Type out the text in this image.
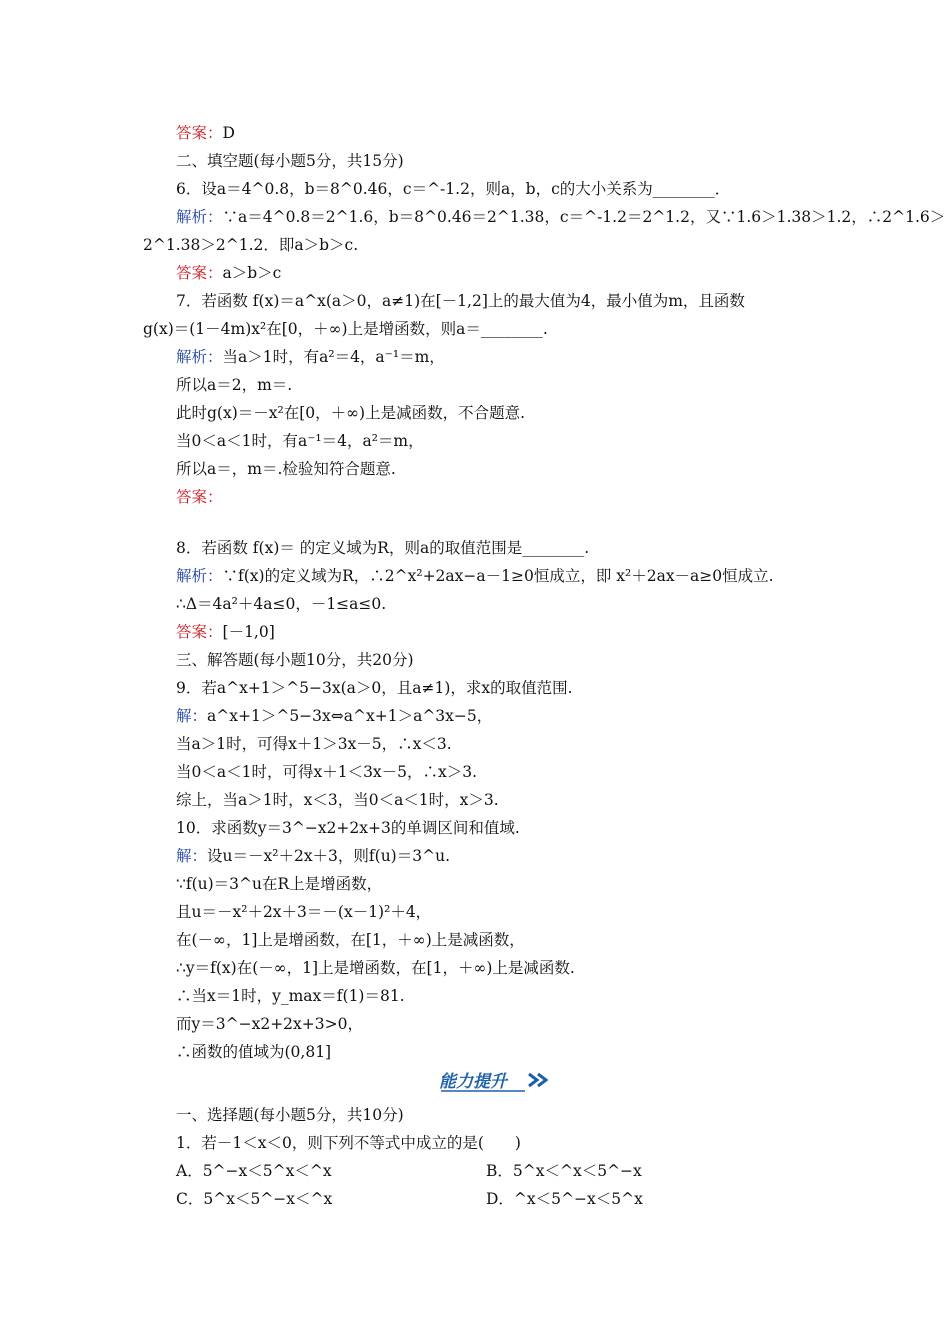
答案：D
二、填空题(每小题5分，共15分)
6．设a＝4^0.8，b＝8^0.46，c＝^-1.2，则a，b，c的大小关系为________．
解析：∵a＝4^0.8＝2^1.6，b＝8^0.46＝2^1.38，c＝^-1.2＝2^1.2，又∵1.6＞1.38＞1.2，∴2^1.6＞
2^1.38＞2^1.2．即a＞b＞c.
答案：a＞b＞c
7．若函数 f(x)＝a^x(a＞0，a≠1)在[－1,2]上的最大值为4，最小值为m，且函数
g(x)＝(1－4m)x²在[0，＋∞)上是增函数，则a＝________.
解析：当a＞1时，有a²＝4，a⁻¹＝m，
所以a＝2，m＝.
此时g(x)＝－x²在[0，＋∞)上是减函数，不合题意.
当0＜a＜1时，有a⁻¹＝4，a²＝m，
所以a＝，m＝.检验知符合题意.
答案：
8．若函数 f(x)＝ 的定义域为R，则a的取值范围是________.
解析：∵f(x)的定义域为R，∴2^x²+2ax−a－1≥0恒成立，即 x²＋2ax－a≥0恒成立.
∴Δ＝4a²＋4a≤0，－1≤a≤0.
答案：[－1,0]
三、解答题(每小题10分，共20分)
9．若a^x+1＞^5−3x(a＞0，且a≠1)，求x的取值范围.
解：a^x+1＞^5−3x⇔a^x+1＞a^3x−5，
当a＞1时，可得x＋1＞3x－5，∴x＜3.
当0＜a＜1时，可得x＋1＜3x－5，∴x＞3.
综上，当a＞1时，x＜3，当0＜a＜1时，x＞3.
10．求函数y＝3^−x2+2x+3的单调区间和值域.
解：设u＝－x²＋2x＋3，则f(u)＝3^u.
∵f(u)＝3^u在R上是增函数，
且u＝－x²＋2x＋3＝－(x－1)²＋4，
在(－∞，1]上是增函数，在[1，＋∞)上是减函数，
∴y＝f(x)在(－∞，1]上是增函数，在[1，＋∞)上是减函数.
∴当x＝1时，y_max＝f(1)＝81.
而y＝3^−x2+2x+3>0，
∴函数的值域为(0,81]
能力提升
一、选择题(每小题5分，共10分)
1．若－1＜x＜0，则下列不等式中成立的是(　　)
A．5^−x＜5^x＜^x	B．5^x＜^x＜5^−x
C．5^x＜5^−x＜^x	D．^x＜5^−x＜5^x
